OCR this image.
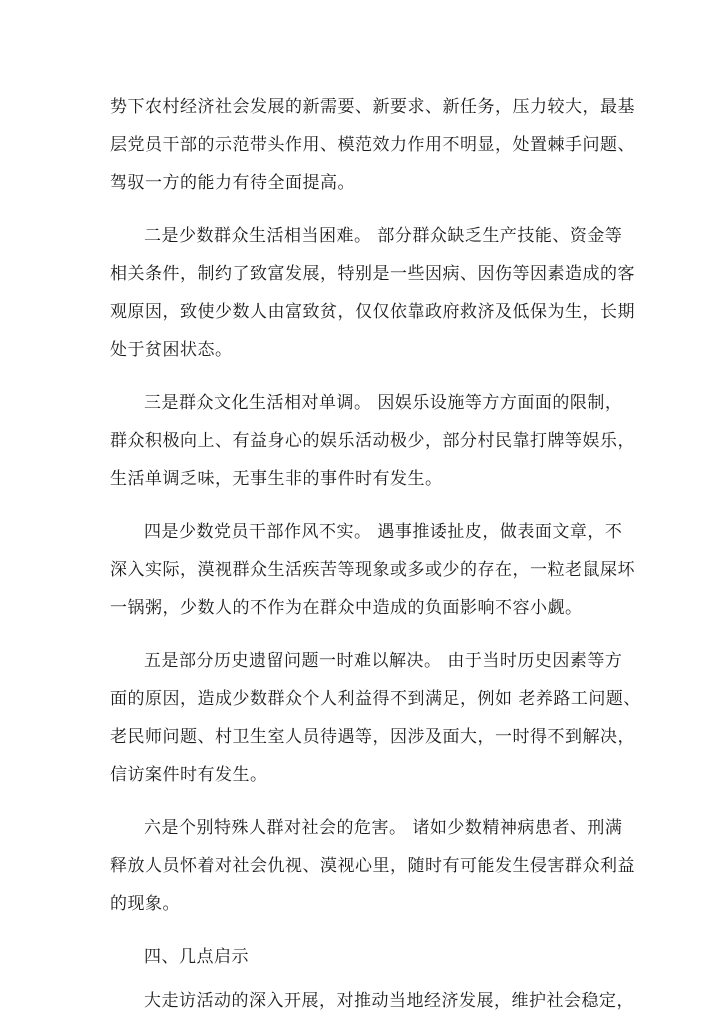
势下农村经济社会发展的新需要、新要求、新任务，压力较大，最基
层党员干部的示范带头作用、模范效力作用不明显，处置棘手问题、
驾驭一方的能力有待全面提高。
二是少数群众生活相当困难。 部分群众缺乏生产技能、资金等
相关条件，制约了致富发展，特别是一些因病、因伤等因素造成的客
观原因，致使少数人由富致贫，仅仅依靠政府救济及低保为生，长期
处于贫困状态。
三是群众文化生活相对单调。 因娱乐设施等方方面面的限制，
群众积极向上、有益身心的娱乐活动极少，部分村民靠打牌等娱乐，
生活单调乏味，无事生非的事件时有发生。
四是少数党员干部作风不实。 遇事推诿扯皮，做表面文章，不
深入实际，漠视群众生活疾苦等现象或多或少的存在，一粒老鼠屎坏
一锅粥，少数人的不作为在群众中造成的负面影响不容小觑。
五是部分历史遗留问题一时难以解决。 由于当时历史因素等方
面的原因，造成少数群众个人利益得不到满足，例如 老养路工问题、
老民师问题、村卫生室人员待遇等，因涉及面大，一时得不到解决，
信访案件时有发生。
六是个别特殊人群对社会的危害。 诸如少数精神病患者、刑满
释放人员怀着对社会仇视、漠视心里，随时有可能发生侵害群众利益
的现象。
四、几点启示
大走访活动的深入开展，对推动当地经济发展，维护社会稳定，
